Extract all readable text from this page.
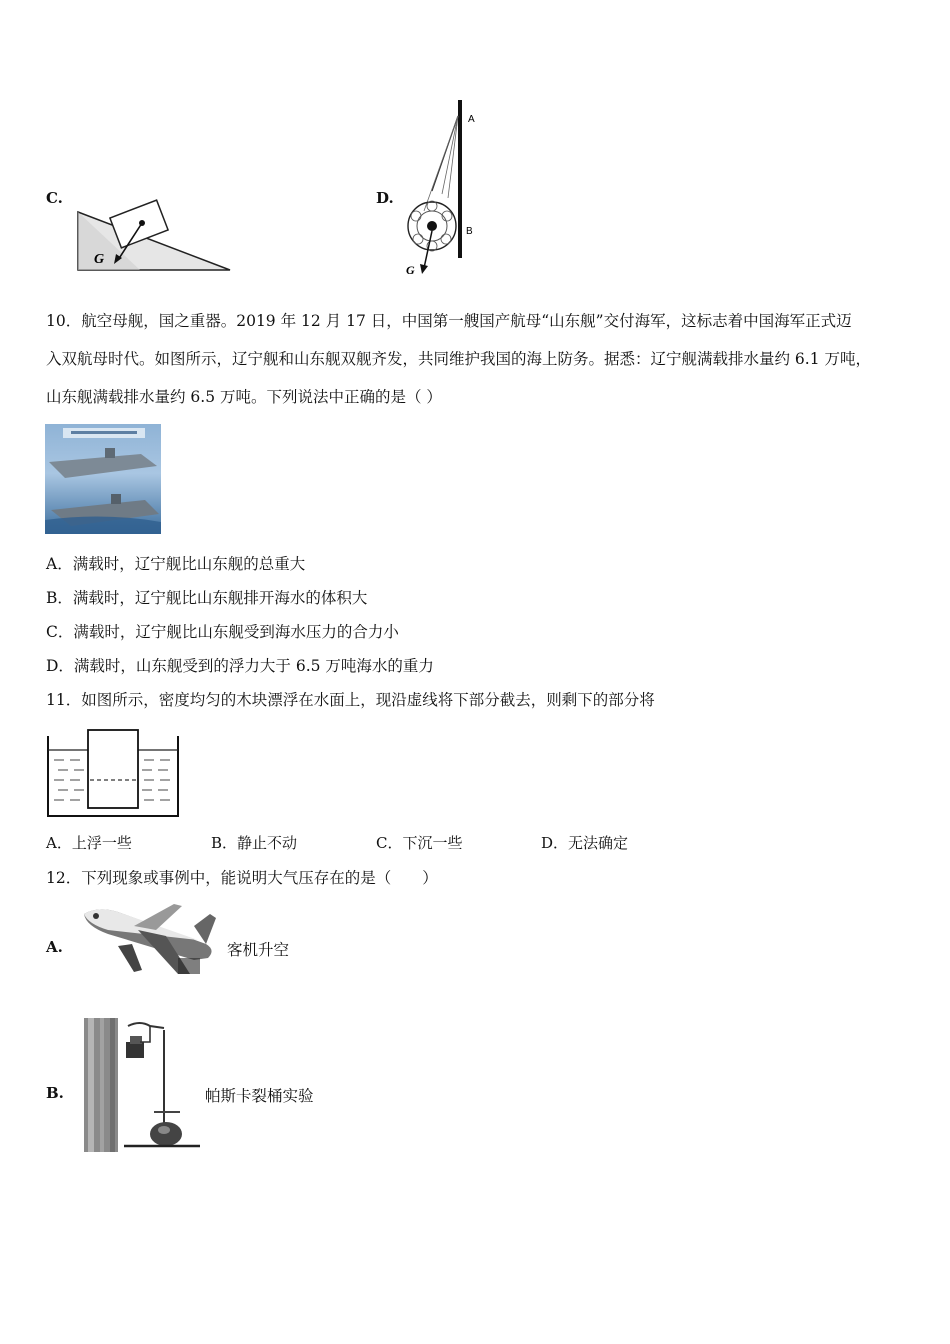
C.
G
D.
A
B
G
10．航空母舰，国之重器。2019 年 12 月 17 日，中国第一艘国产航母“山东舰”交付海军，这标志着中国海军正式迈
入双航母时代。如图所示，辽宁舰和山东舰双舰齐发，共同维护我国的海上防务。据悉：辽宁舰满载排水量约 6.1 万吨，
山东舰满载排水量约 6.5 万吨。下列说法中正确的是（ ）
A．满载时，辽宁舰比山东舰的总重大
B．满载时，辽宁舰比山东舰排开海水的体积大
C．满载时，辽宁舰比山东舰受到海水压力的合力小
D．满载时，山东舰受到的浮力大于 6.5 万吨海水的重力
11．如图所示，密度均匀的木块漂浮在水面上，现沿虚线将下部分截去，则剩下的部分将
A．上浮一些	B．静止不动	C．下沉一些	D．无法确定
12．下列现象或事例中，能说明大气压存在的是（　　）
A.	客机升空
B.	帕斯卡裂桶实验
